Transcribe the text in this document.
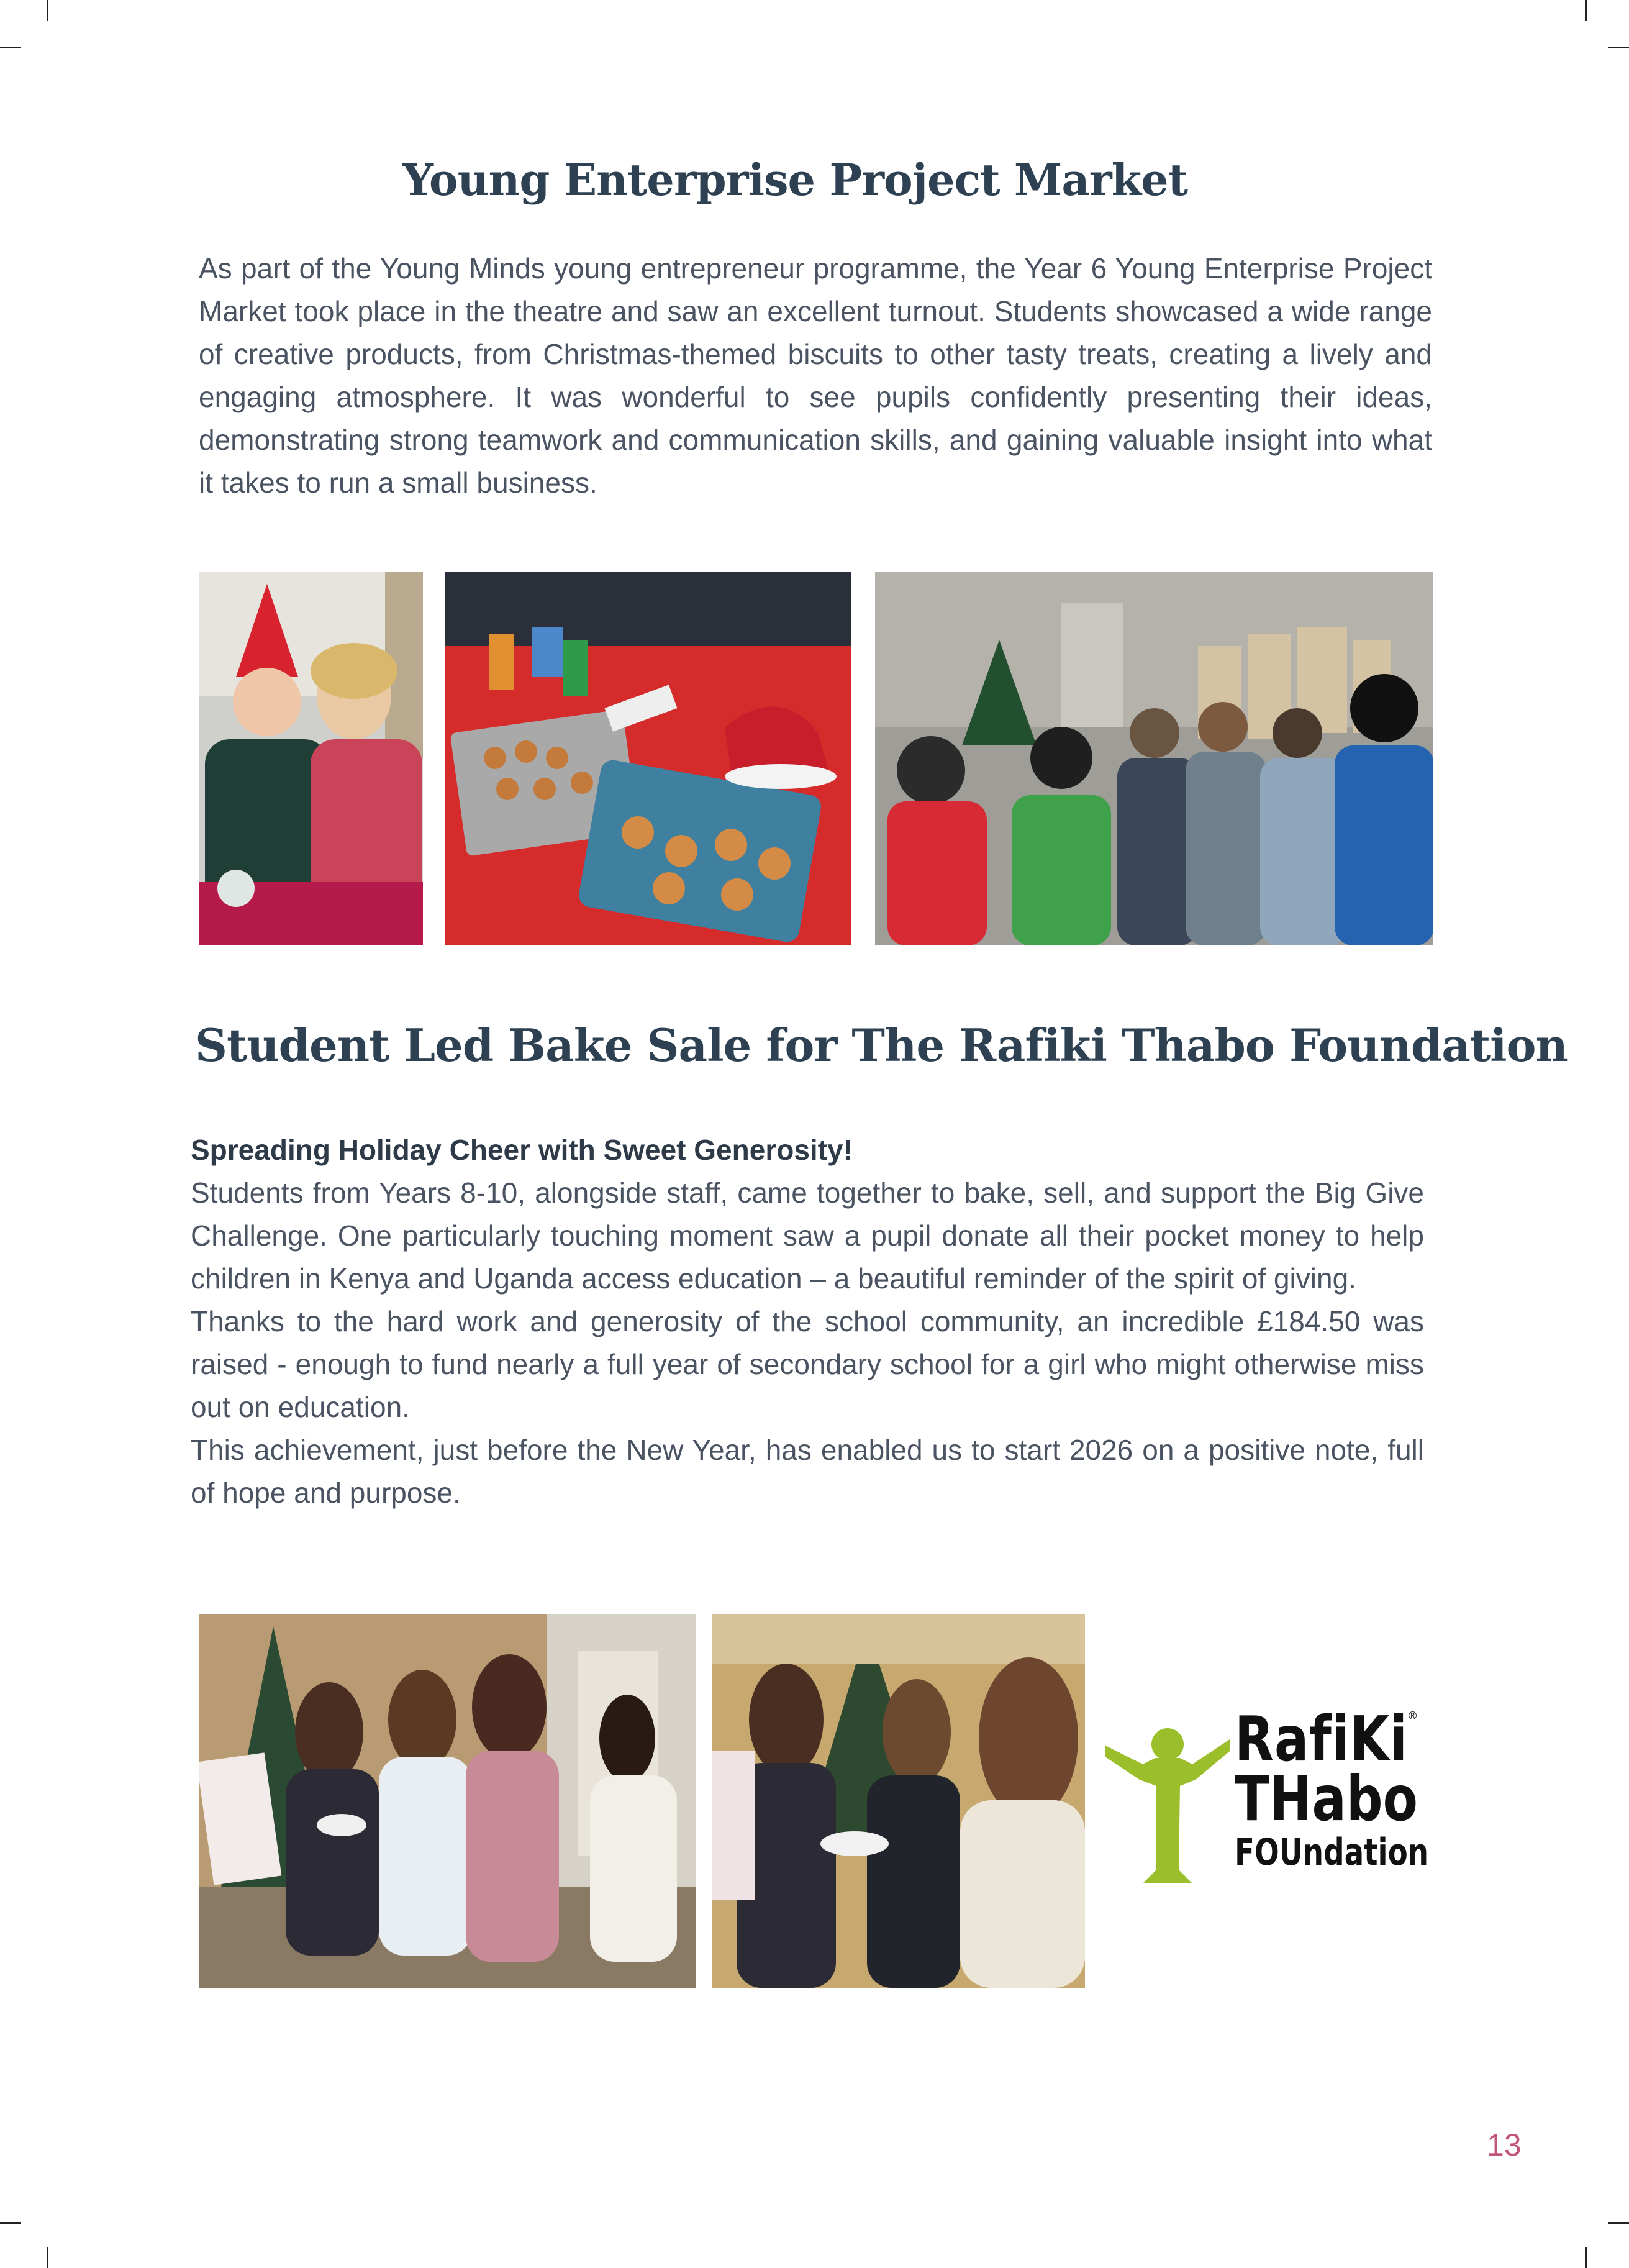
Young Enterprise Project Market

As part of the Young Minds young entrepreneur programme, the Year 6 Young Enterprise Project Market took place in the theatre and saw an excellent turnout. Students showcased a wide range of creative products, from Christmas-themed biscuits to other tasty treats, creating a lively and engaging atmosphere. It was wonderful to see pupils confidently presenting their ideas, demonstrating strong teamwork and communication skills, and gaining valuable insight into what it takes to run a small business.

Student Led Bake Sale for The Rafiki Thabo Foundation
Spreading Holiday Cheer with Sweet Generosity!
Students from Years 8-10, alongside staff, came together to bake, sell, and support the Big Give Challenge. One particularly touching moment saw a pupil donate all their pocket money to help children in Kenya and Uganda access education – a beautiful reminder of the spirit of giving.
Thanks to the hard work and generosity of the school community, an incredible £184.50 was raised - enough to fund nearly a full year of secondary school for a girl who might otherwise miss out on education.
This achievement, just before the New Year, has enabled us to start 2026 on a positive note, full of hope and purpose.
RafiKi
THabo
FOUndation
®
13
